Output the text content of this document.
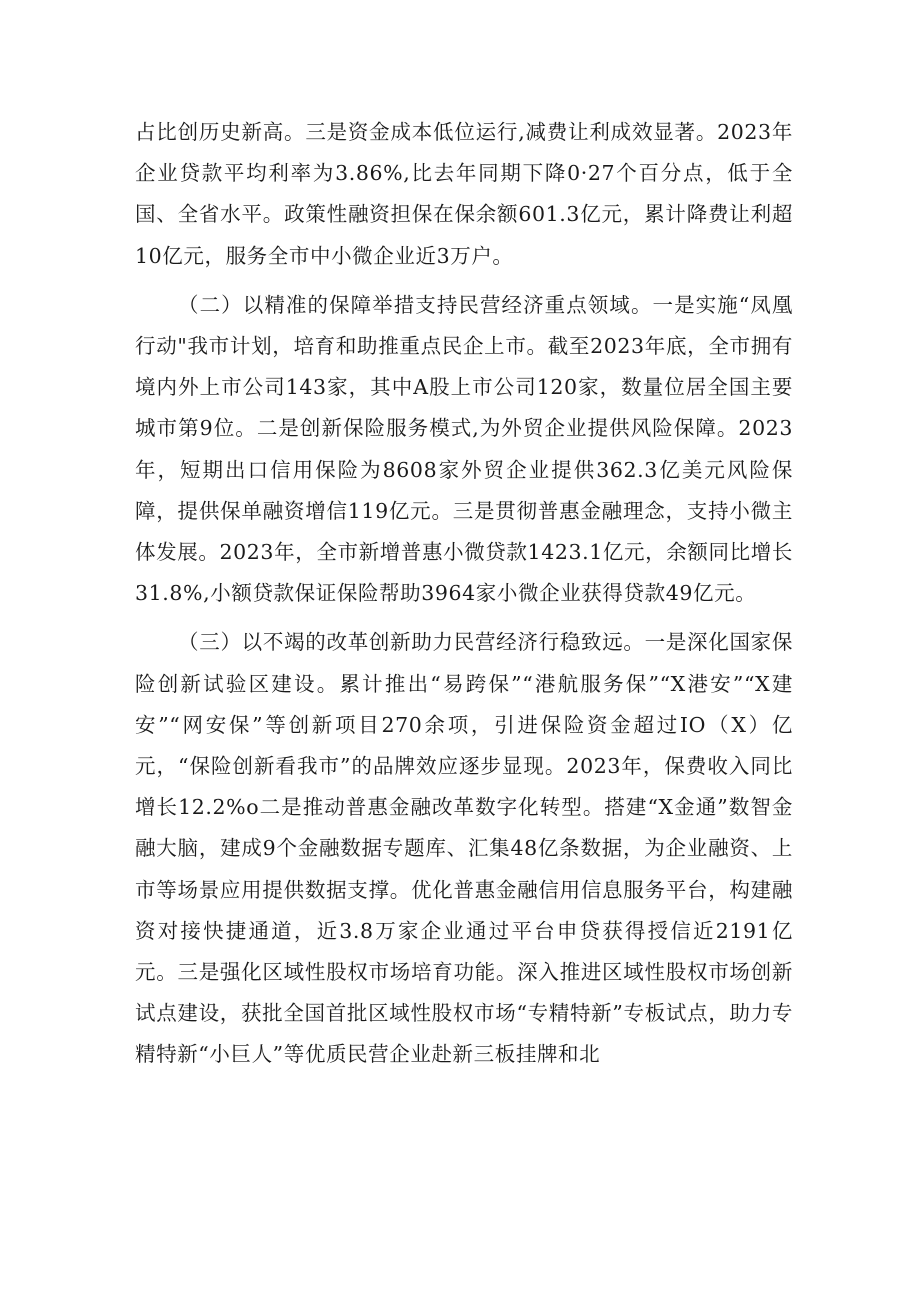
占比创历史新高。三是资金成本低位运行,减费让利成效显著。2023年企业贷款平均利率为3.86%,比去年同期下降0·27个百分点，低于全国、全省水平。政策性融资担保在保余额601.3亿元，累计降费让利超10亿元，服务全市中小微企业近3万户。

（二）以精准的保障举措支持民营经济重点领域。一是实施“凤凰行动"我市计划，培育和助推重点民企上市。截至2023年底，全市拥有境内外上市公司143家，其中A股上市公司120家，数量位居全国主要城市第9位。二是创新保险服务模式,为外贸企业提供风险保障。2023年，短期出口信用保险为8608家外贸企业提供362.3亿美元风险保障，提供保单融资增信119亿元。三是贯彻普惠金融理念，支持小微主体发展。2023年，全市新增普惠小微贷款1423.1亿元，余额同比增长31.8%,小额贷款保证保险帮助3964家小微企业获得贷款49亿元。

（三）以不竭的改革创新助力民营经济行稳致远。一是深化国家保险创新试验区建设。累计推出“易跨保”“港航服务保”“X港安”“X建安”“网安保”等创新项目270余项，引进保险资金超过IO（X）亿元，“保险创新看我市”的品牌效应逐步显现。2023年，保费收入同比增长12.2%o二是推动普惠金融改革数字化转型。搭建“X金通”数智金融大脑，建成9个金融数据专题库、汇集48亿条数据，为企业融资、上市等场景应用提供数据支撑。优化普惠金融信用信息服务平台，构建融资对接快捷通道，近3.8万家企业通过平台申贷获得授信近2191亿元。三是强化区域性股权市场培育功能。深入推进区域性股权市场创新试点建设，获批全国首批区域性股权市场“专精特新”专板试点，助力专精特新“小巨人”等优质民营企业赴新三板挂牌和北
